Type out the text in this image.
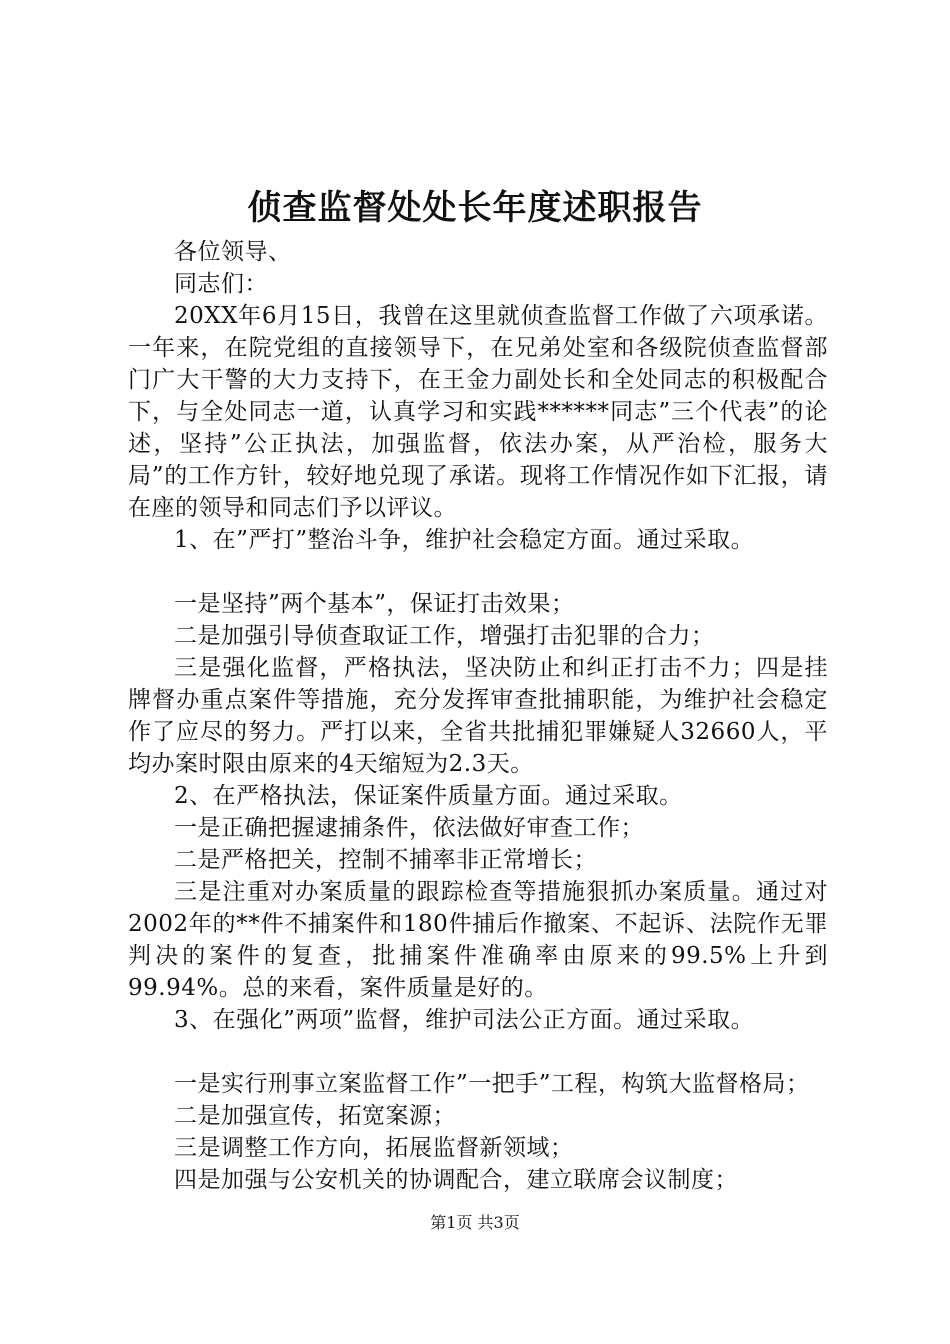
侦查监督处处长年度述职报告

各位领导、

同志们：

20XX年6月15日，我曾在这里就侦查监督工作做了六项承诺。一年来，在院党组的直接领导下，在兄弟处室和各级院侦查监督部门广大干警的大力支持下，在王金力副处长和全处同志的积极配合下，与全处同志一道，认真学习和实践******同志”三个代表”的论述，坚持”公正执法，加强监督，依法办案，从严治检，服务大局”的工作方针，较好地兑现了承诺。现将工作情况作如下汇报，请在座的领导和同志们予以评议。

1、在”严打”整治斗争，维护社会稳定方面。通过采取。

一是坚持”两个基本”，保证打击效果；

二是加强引导侦查取证工作，增强打击犯罪的合力；

三是强化监督，严格执法，坚决防止和纠正打击不力；四是挂牌督办重点案件等措施，充分发挥审查批捕职能，为维护社会稳定作了应尽的努力。严打以来，全省共批捕犯罪嫌疑人32660人，平均办案时限由原来的4天缩短为2.3天。

2、在严格执法，保证案件质量方面。通过采取。

一是正确把握逮捕条件，依法做好审查工作；

二是严格把关，控制不捕率非正常增长；

三是注重对办案质量的跟踪检查等措施狠抓办案质量。通过对2002年的**件不捕案件和180件捕后作撤案、不起诉、法院作无罪判决的案件的复查，批捕案件准确率由原来的99.5%上升到99.94%。总的来看，案件质量是好的。

3、在强化”两项”监督，维护司法公正方面。通过采取。

一是实行刑事立案监督工作”一把手”工程，构筑大监督格局；

二是加强宣传，拓宽案源；

三是调整工作方向，拓展监督新领域；

四是加强与公安机关的协调配合，建立联席会议制度；

第1页 共3页
